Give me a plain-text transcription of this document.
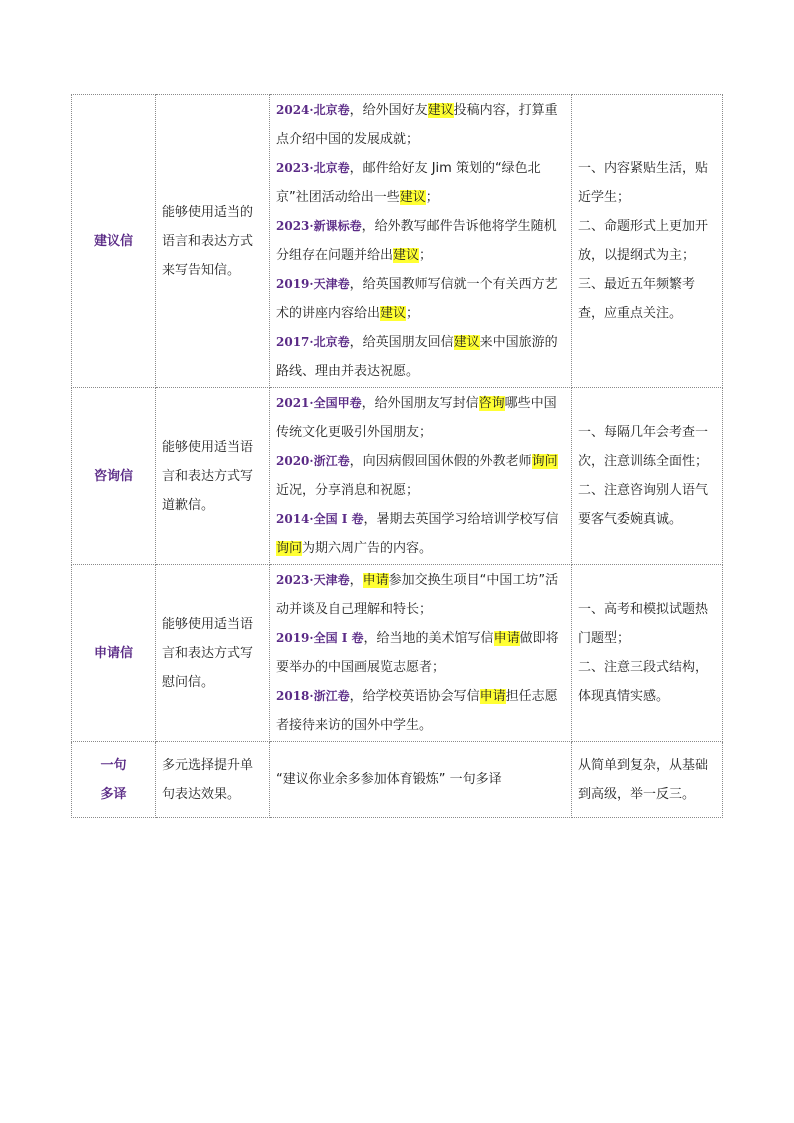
建议信	能够使用适当的语言和表达方式来写告知信。	2024·北京卷，给外国好友建议投稿内容，打算重点介绍中国的发展成就；
2023·北京卷，邮件给好友 Jim 策划的“绿色北京”社团活动给出一些建议；
2023·新课标卷，给外教写邮件告诉他将学生随机分组存在问题并给出建议；
2019·天津卷，给英国教师写信就一个有关西方艺术的讲座内容给出建议；
2017·北京卷，给英国朋友回信建议来中国旅游的路线、理由并表达祝愿。	一、内容紧贴生活，贴近学生；
二、命题形式上更加开放，以提纲式为主；
三、最近五年频繁考查，应重点关注。

咨询信	能够使用适当语言和表达方式写道歉信。	2021·全国甲卷，给外国朋友写封信咨询哪些中国传统文化更吸引外国朋友；
2020·浙江卷，向因病假回国休假的外教老师询问近况，分享消息和祝愿；
2014·全国 I 卷，暑期去英国学习给培训学校写信询问为期六周广告的内容。	一、每隔几年会考查一次，注意训练全面性；
二、注意咨询别人语气要客气委婉真诚。

申请信	能够使用适当语言和表达方式写慰问信。	2023·天津卷，申请参加交换生项目“中国工坊”活动并谈及自己理解和特长；
2019·全国 I 卷，给当地的美术馆写信申请做即将要举办的中国画展览志愿者；
2018·浙江卷，给学校英语协会写信申请担任志愿者接待来访的国外中学生。	一、高考和模拟试题热门题型；
二、注意三段式结构，体现真情实感。

一句
多译	多元选择提升单句表达效果。	“建议你业余多参加体育锻炼” 一句多译	从简单到复杂，从基础到高级，举一反三。
